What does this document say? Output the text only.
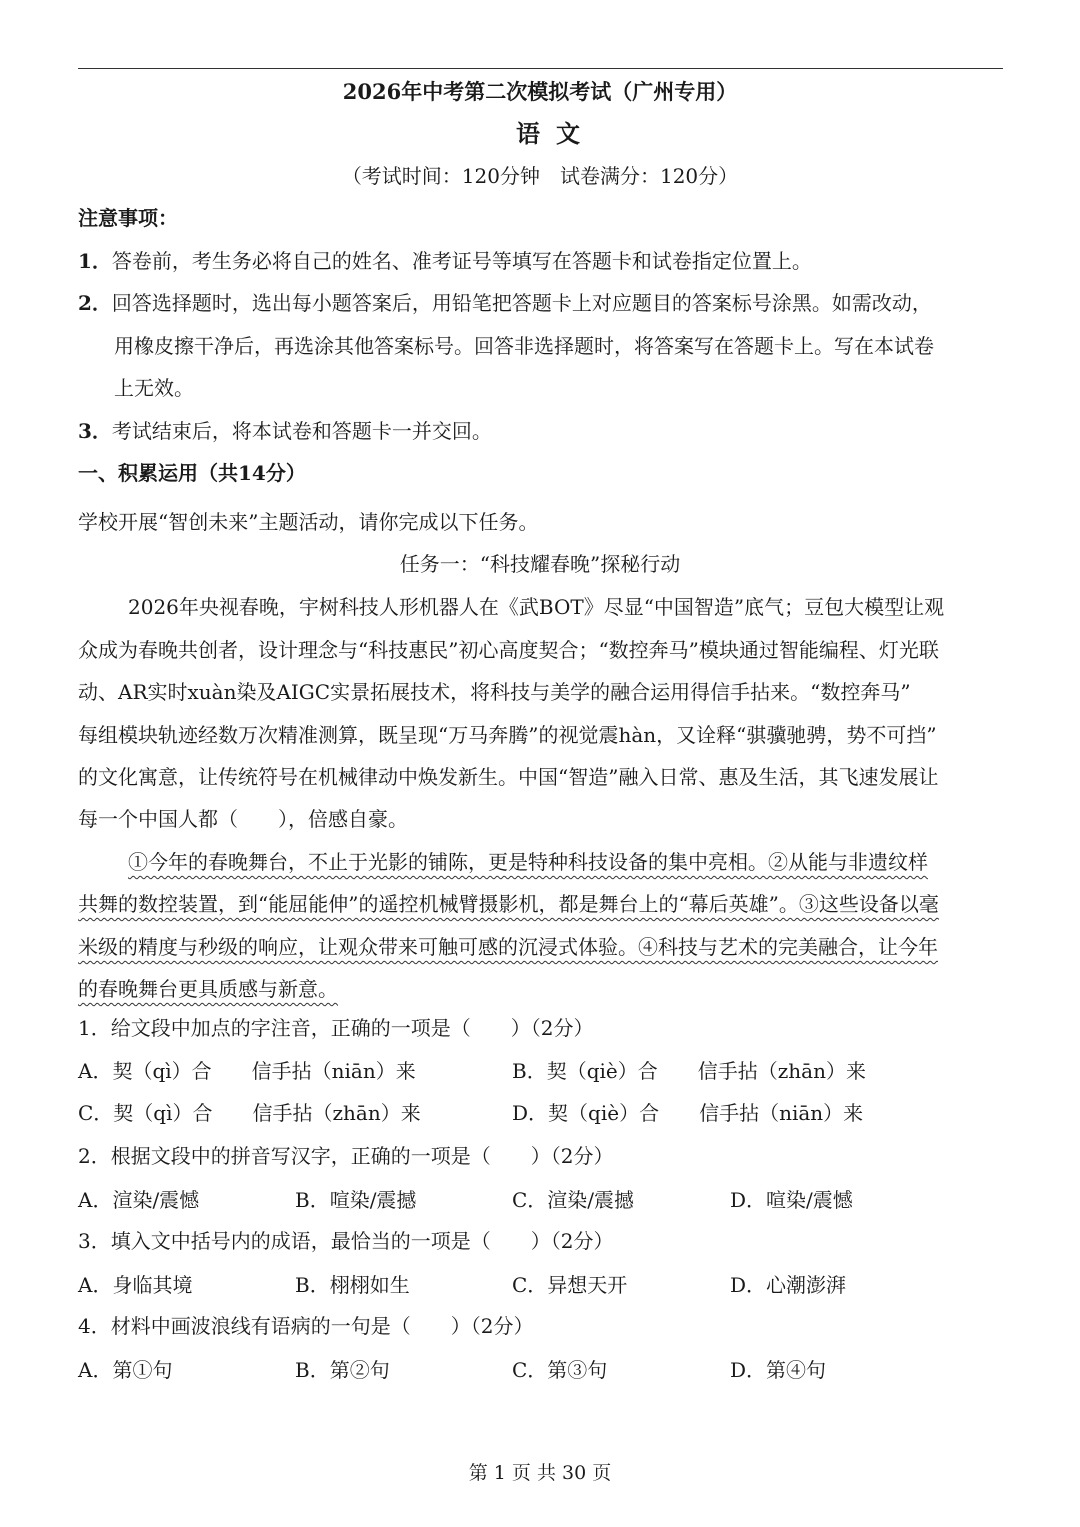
2026年中考第二次模拟考试（广州专用）
语文
（考试时间：120分钟　试卷满分：120分）
注意事项：
1．答卷前，考生务必将自己的姓名、准考证号等填写在答题卡和试卷指定位置上。
2．回答选择题时，选出每小题答案后，用铅笔把答题卡上对应题目的答案标号涂黑。如需改动，
用橡皮擦干净后，再选涂其他答案标号。回答非选择题时，将答案写在答题卡上。写在本试卷
上无效。
3．考试结束后，将本试卷和答题卡一并交回。
一、积累运用（共14分）
学校开展“智创未来”主题活动，请你完成以下任务。
任务一：“科技耀春晚”探秘行动
2026年央视春晚，宇树科技人形机器人在《武BOT》尽显“中国智造”底气；豆包大模型让观
众成为春晚共创者，设计理念与“科技惠民”初心高度契合；“数控奔马”模块通过智能编程、灯光联
动、AR实时xuàn染及AIGC实景拓展技术，将科技与美学的融合运用得信手拈来。“数控奔马”
每组模块轨迹经数万次精准测算，既呈现“万马奔腾”的视觉震hàn，又诠释“骐骥驰骋，势不可挡”
的文化寓意，让传统符号在机械律动中焕发新生。中国“智造”融入日常、惠及生活，其飞速发展让
每一个中国人都（　　），倍感自豪。
①今年的春晚舞台，不止于光影的铺陈，更是特种科技设备的集中亮相。②从能与非遗纹样
共舞的数控装置，到“能屈能伸”的遥控机械臂摄影机，都是舞台上的“幕后英雄”。③这些设备以毫
米级的精度与秒级的响应，让观众带来可触可感的沉浸式体验。④科技与艺术的完美融合，让今年
的春晚舞台更具质感与新意。
1．给文段中加点的字注音，正确的一项是（　　）（2分）
A．契（qì）合　　信手拈（niān）来	B．契（qiè）合　　信手拈（zhān）来
C．契（qì）合　　信手拈（zhān）来	D．契（qiè）合　　信手拈（niān）来
2．根据文段中的拼音写汉字，正确的一项是（　　）（2分）
A．渲染/震憾	B．喧染/震撼	C．渲染/震撼	D．喧染/震憾
3．填入文中括号内的成语，最恰当的一项是（　　）（2分）
A．身临其境	B．栩栩如生	C．异想天开	D．心潮澎湃
4．材料中画波浪线有语病的一句是（　　）（2分）
A．第①句	B．第②句	C．第③句	D．第④句
第 1 页 共 30 页
